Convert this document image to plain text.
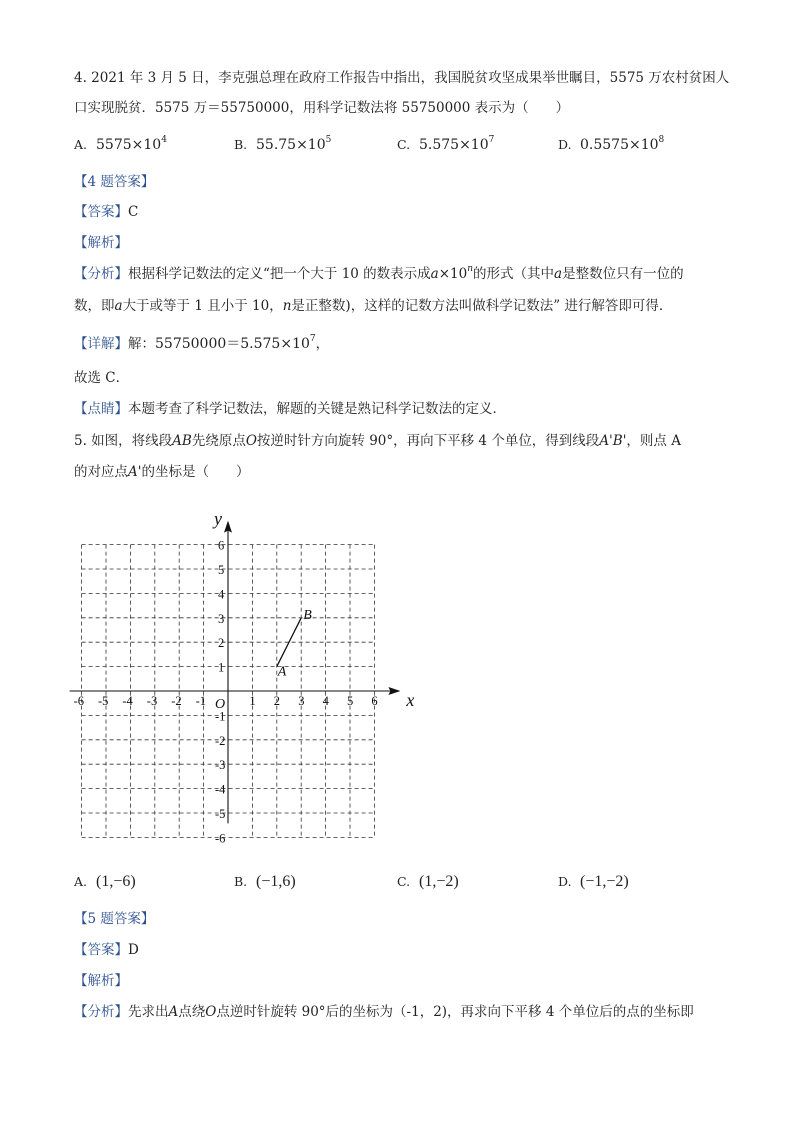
4. 2021 年 3 月 5 日，李克强总理在政府工作报告中指出，我国脱贫攻坚成果举世瞩目，5575 万农村贫困人
口实现脱贫．5575 万＝55750000，用科学记数法将 55750000 表示为（　　）
A. $5575\times 10^4$	B. $55.75\times 10^5$	C. $5.575\times 10^7$	D. $0.5575\times 10^8$
【4 题答案】
【答案】C
【解析】
【分析】根据科学记数法的定义“把一个大于 10 的数表示成$a\times 10^n$的形式（其中a是整数位只有一位的
数，即a大于或等于 1 且小于 10，n是正整数)，这样的记数方法叫做科学记数法” 进行解答即可得．
【详解】解：$55750000=5.575\times 10^7$，
故选 C．
【点睛】本题考查了科学记数法，解题的关键是熟记科学记数法的定义．
5. 如图，将线段AB先绕原点O按逆时针方向旋转 90°，再向下平移 4 个单位，得到线段A'B'，则点 A
的对应点A'的坐标是（　　）
x
y
O
-6 -5 -4 -3 -2 -1	1 2 3 4 5 6
-6
-5
-4
-3
-2
-1
1
2
3
4
5
6
A
B
A. (1,−6)	B. (−1,6)	C. (1,−2)	D. (−1,−2)
【5 题答案】
【答案】D
【解析】
【分析】先求出A点绕O点逆时针旋转 90°后的坐标为（-1，2)，再求向下平移 4 个单位后的点的坐标即
